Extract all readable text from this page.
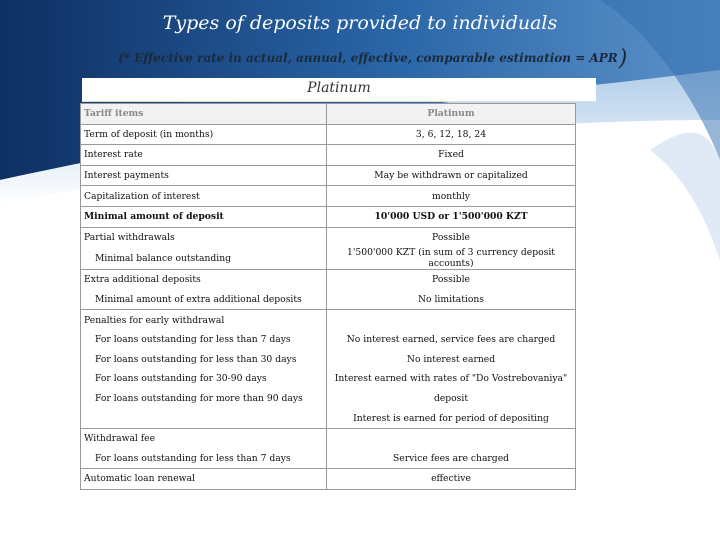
Types of deposits provided to individuals
(* Effective rate in actual, annual, effective, comparable estimation = APR)
Platinum
Tariff items	Platinum
Term of deposit (in months)	3, 6, 12, 18, 24
Interest rate	Fixed
Interest payments	May be withdrawn or capitalized
Capitalization of interest	monthly
Minimal amount of deposit	10'000 USD or 1'500'000 KZT
Partial withdrawals	Possible
Minimal balance outstanding	1'500'000 KZT (in sum of 3 currency deposit accounts)
Extra additional deposits	Possible
Minimal amount of extra additional deposits	No limitations
Penalties for early withdrawal	
For loans outstanding for less than 7 days	No interest earned, service fees are charged
For loans outstanding for less than 30 days	No interest earned
For loans outstanding for 30-90 days	Interest earned with rates of "Do Vostrebovaniya"
For loans outstanding for more than 90 days	deposit
	Interest is earned for period of depositing
Withdrawal fee	
For loans outstanding for less than 7 days	Service fees are charged
Automatic loan renewal	effective
